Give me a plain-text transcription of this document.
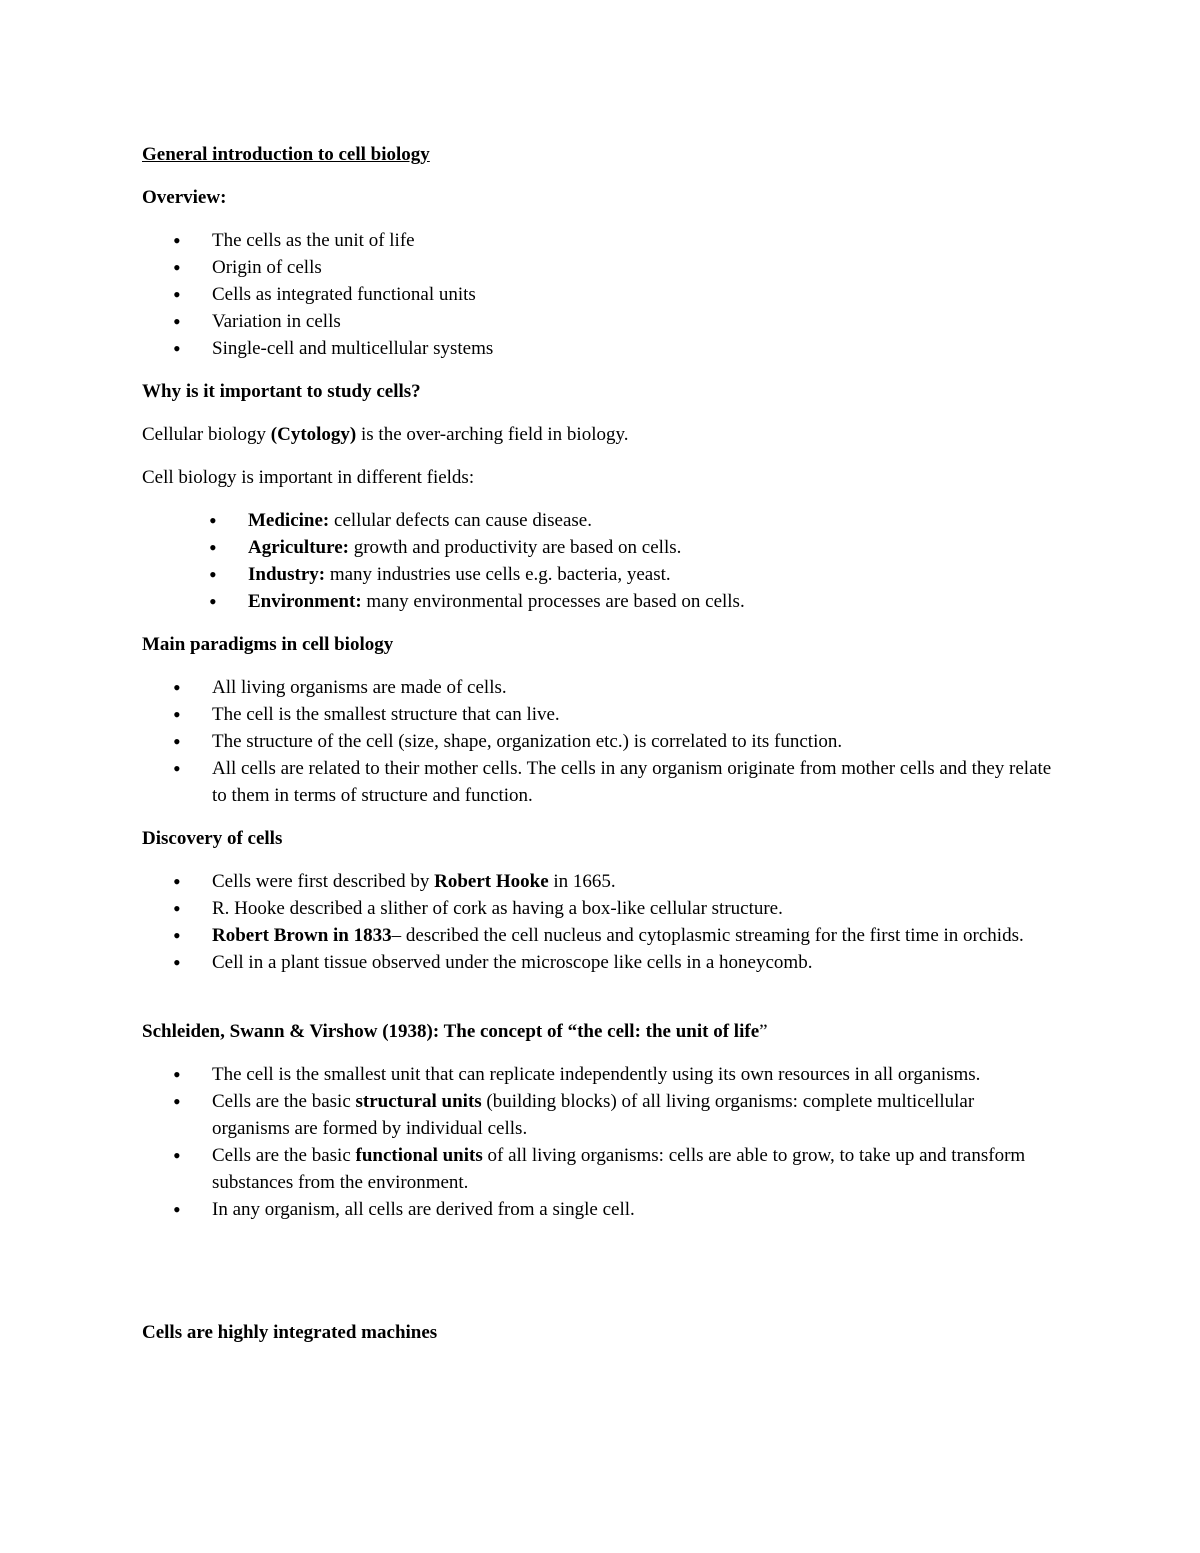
General introduction to cell biology
Overview:
• The cells as the unit of life
• Origin of cells
• Cells as integrated functional units
• Variation in cells
• Single-cell and multicellular systems
Why is it important to study cells?
Cellular biology (Cytology) is the over-arching field in biology.
Cell biology is important in different fields:
• Medicine: cellular defects can cause disease.
• Agriculture: growth and productivity are based on cells.
• Industry: many industries use cells e.g. bacteria, yeast.
• Environment: many environmental processes are based on cells.
Main paradigms in cell biology
• All living organisms are made of cells.
• The cell is the smallest structure that can live.
• The structure of the cell (size, shape, organization etc.) is correlated to its function.
• All cells are related to their mother cells. The cells in any organism originate from mother cells and they relate to them in terms of structure and function.
Discovery of cells
• Cells were first described by Robert Hooke in 1665.
• R. Hooke described a slither of cork as having a box-like cellular structure.
• Robert Brown in 1833– described the cell nucleus and cytoplasmic streaming for the first time in orchids.
• Cell in a plant tissue observed under the microscope like cells in a honeycomb.
Schleiden, Swann & Virshow (1938): The concept of “the cell: the unit of life”
• The cell is the smallest unit that can replicate independently using its own resources in all organisms.
• Cells are the basic structural units (building blocks) of all living organisms: complete multicellular organisms are formed by individual cells.
• Cells are the basic functional units of all living organisms: cells are able to grow, to take up and transform substances from the environment.
• In any organism, all cells are derived from a single cell.
Cells are highly integrated machines
